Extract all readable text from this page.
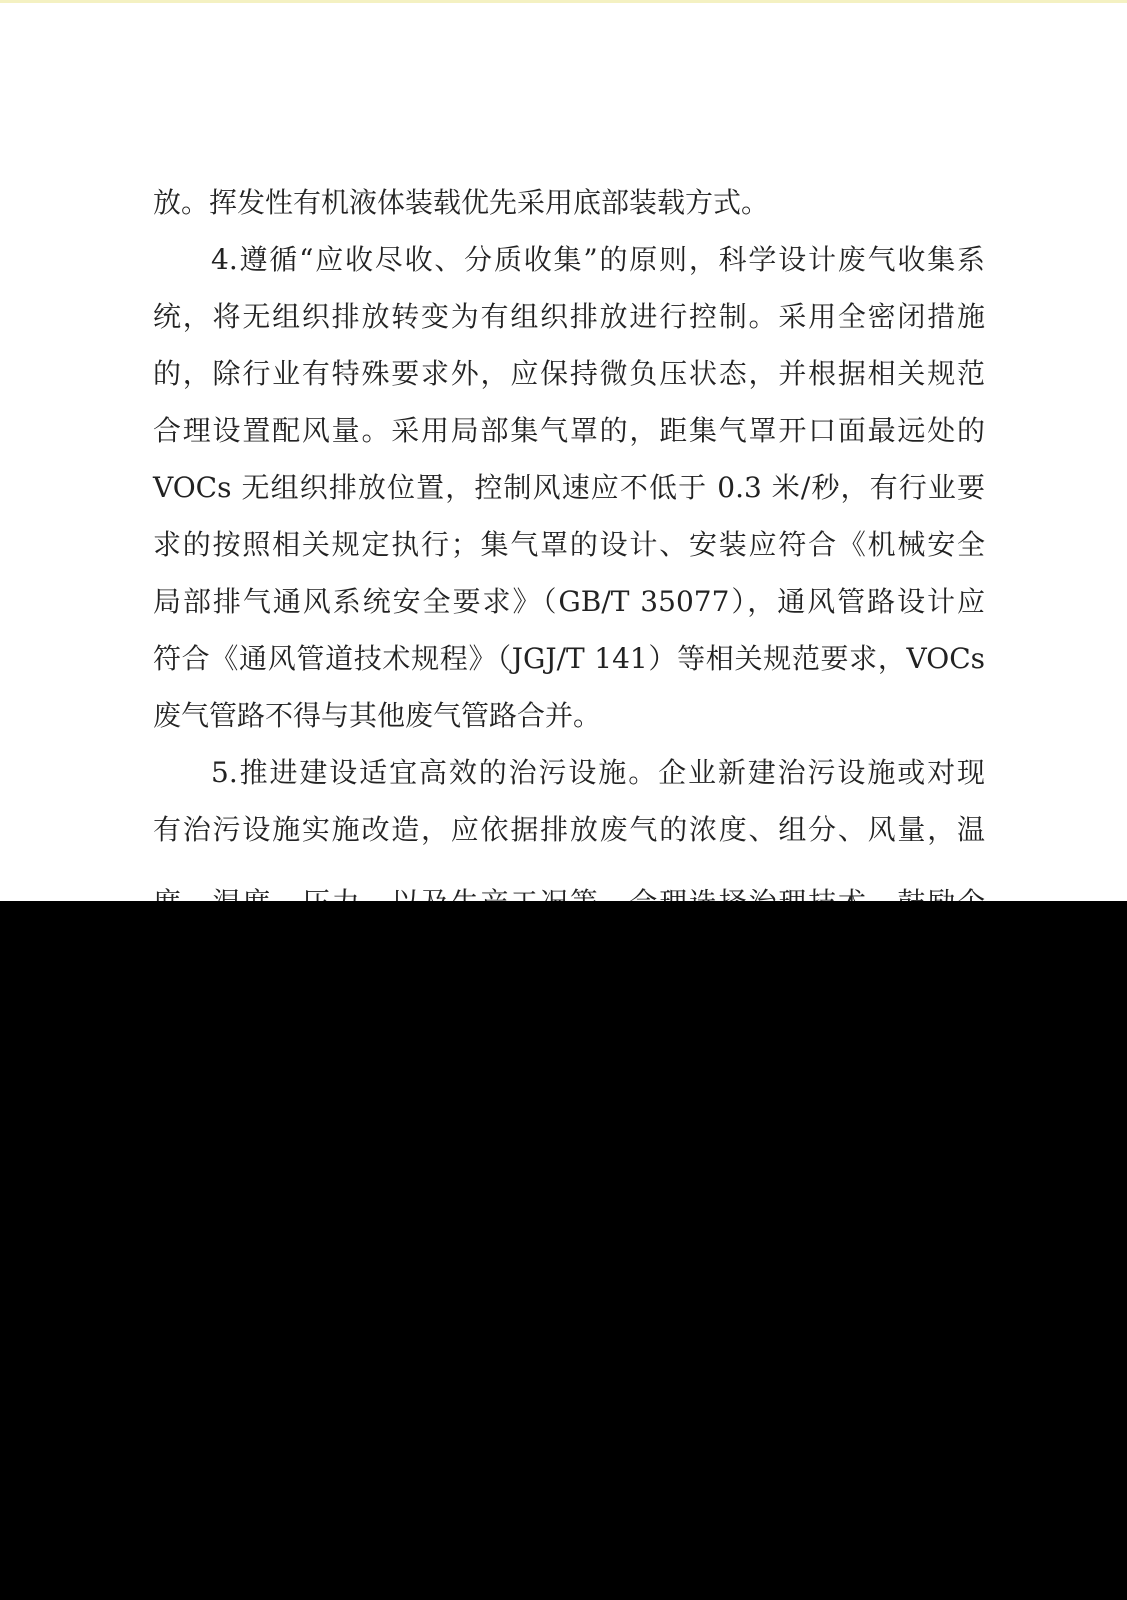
放。挥发性有机液体装载优先采用底部装载方式。
4.遵循“应收尽收、分质收集”的原则，科学设计废气收集系
统，将无组织排放转变为有组织排放进行控制。采用全密闭措施
的，除行业有特殊要求外，应保持微负压状态，并根据相关规范
合理设置配风量。采用局部集气罩的，距集气罩开口面最远处的
VOCs 无组织排放位置，控制风速应不低于 0.3 米/秒，有行业要
求的按照相关规定执行；集气罩的设计、安装应符合《机械安全
局部排气通风系统安全要求》（GB/T 35077），通风管路设计应
符合《通风管道技术规程》（JGJ/T 141）等相关规范要求，VOCs
废气管路不得与其他废气管路合并。
5.推进建设适宜高效的治污设施。企业新建治污设施或对现
有治污设施实施改造，应依据排放废气的浓度、组分、风量，温
